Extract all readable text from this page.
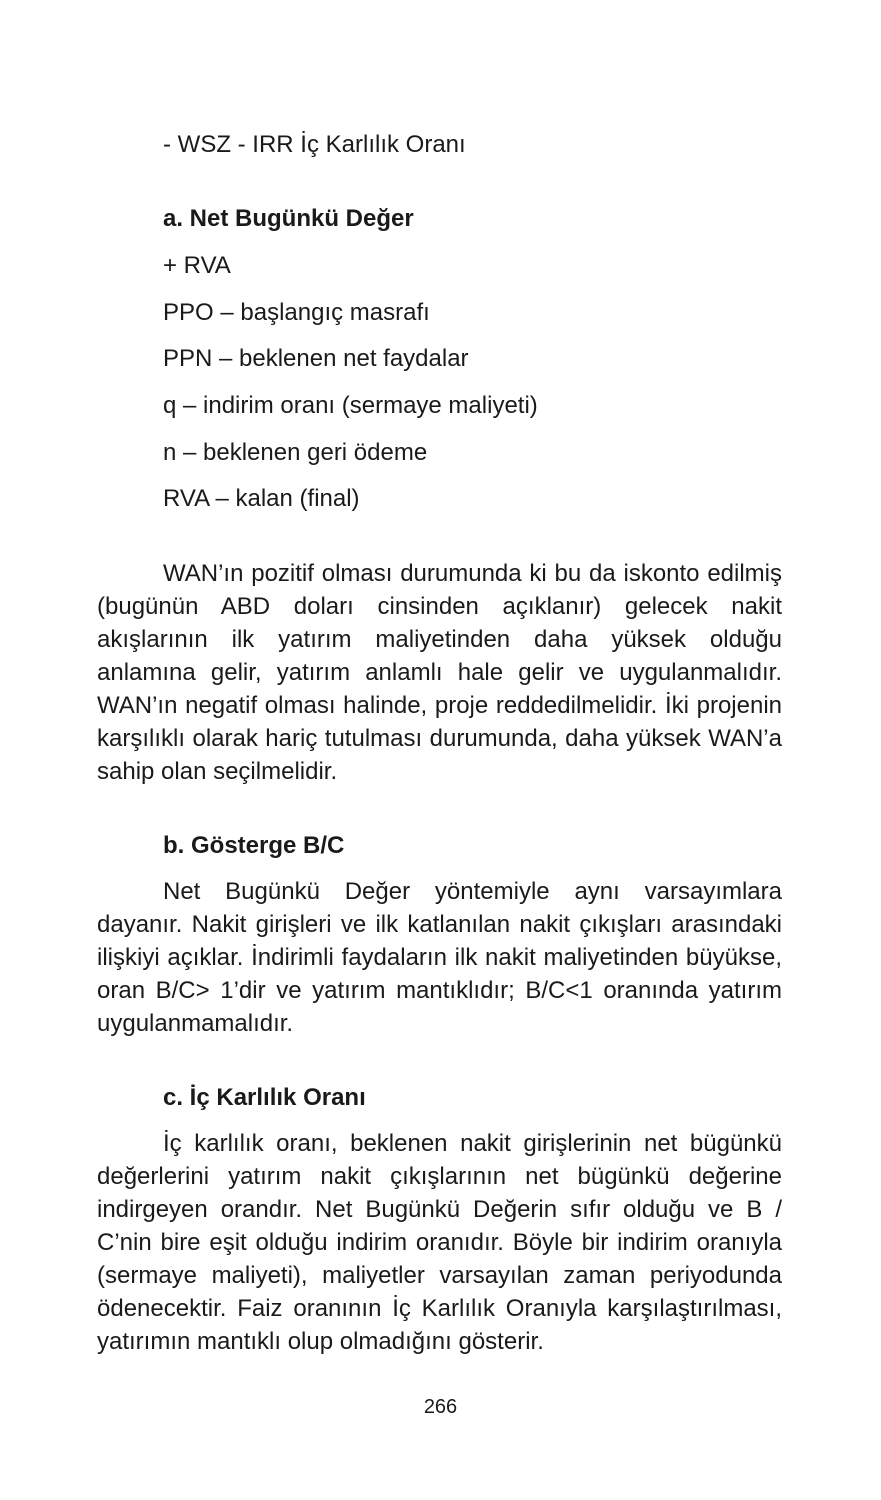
- WSZ - IRR İç Karlılık Oranı
a. Net Bugünkü Değer
+ RVA
PPO – başlangıç masrafı
PPN – beklenen net faydalar
q – indirim oranı (sermaye maliyeti)
n – beklenen geri ödeme
RVA – kalan (final)
WAN’ın pozitif olması durumunda ki bu da iskonto edilmiş (bugünün ABD doları cinsinden açıklanır) gelecek nakit akışlarının ilk yatırım maliyetinden daha yüksek olduğu anlamına gelir, yatırım anlamlı hale gelir ve uygulanmalıdır. WAN’ın negatif olması halinde, proje reddedilmelidir. İki projenin karşılıklı olarak hariç tutulması durumunda, daha yüksek WAN’a sahip olan seçilmelidir.
b. Gösterge B/C
Net Bugünkü Değer yöntemiyle aynı varsayımlara dayanır. Nakit girişleri ve ilk katlanılan nakit çıkışları arasındaki ilişkiyi açıklar. İndirimli faydaların ilk nakit maliyetinden büyükse, oran B/C> 1’dir ve yatırım mantıklıdır; B/C<1 oranında yatırım uygulanmamalıdır.
c. İç Karlılık Oranı
İç karlılık oranı, beklenen nakit girişlerinin net bügünkü değerlerini yatırım nakit çıkışlarının net bügünkü değerine indirgeyen orandır. Net Bugünkü Değerin sıfır olduğu ve B / C’nin bire eşit olduğu indirim oranıdır. Böyle bir indirim oranıyla (sermaye maliyeti), maliyetler varsayılan zaman periyodunda ödenecektir. Faiz oranının İç Karlılık Oranıyla karşılaştırılması, yatırımın mantıklı olup olmadığını gösterir.
266
